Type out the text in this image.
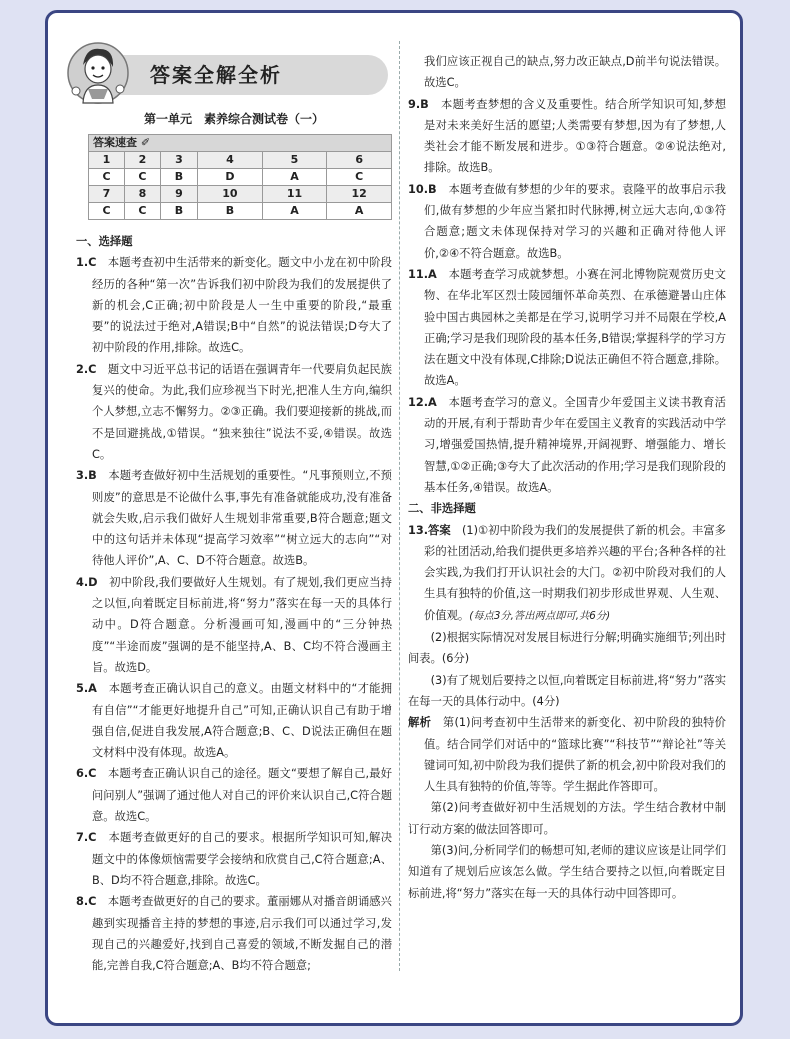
答案全解全析
第一单元　素养综合测试卷（一）
答案速查 ✐					
1	2	3	4	5	6
C	C	B	D	A	C
7	8	9	10	11	12
C	C	B	B	A	A

一、选择题

1.C　 本题考查初中生活带来的新变化。题文中小龙在初中阶段经历的各种“第一次”告诉我们初中阶段为我们的发展提供了新的机会,C正确;初中阶段是人一生中重要的阶段,“最重要”的说法过于绝对,A错误;B中“自然”的说法错误;D夸大了初中阶段的作用,排除。故选C。

2.C　 题文中习近平总书记的话语在强调青年一代要肩负起民族复兴的使命。为此,我们应珍视当下时光,把准人生方向,编织个人梦想,立志不懈努力。②③正确。我们要迎接新的挑战,而不是回避挑战,①错误。“独来独往”说法不妥,④错误。故选C。

3.B　 本题考查做好初中生活规划的重要性。“凡事预则立,不预则废”的意思是不论做什么事,事先有准备就能成功,没有准备就会失败,启示我们做好人生规划非常重要,B符合题意;题文中的这句话并未体现“提高学习效率”“树立远大的志向”“对待他人评价”,A、C、D不符合题意。故选B。

4.D　 初中阶段,我们要做好人生规划。有了规划,我们更应当持之以恒,向着既定目标前进,将“努力”落实在每一天的具体行动中。D符合题意。分析漫画可知,漫画中的“三分钟热度”“半途而废”强调的是不能坚持,A、B、C均不符合漫画主旨。故选D。

5.A　 本题考查正确认识自己的意义。由题文材料中的“才能拥有自信”“才能更好地提升自己”可知,正确认识自己有助于增强自信,促进自我发展,A符合题意;B、C、D说法正确但在题文材料中没有体现。故选A。

6.C　 本题考查正确认识自己的途径。题文“要想了解自己,最好问问别人”强调了通过他人对自己的评价来认识自己,C符合题意。故选C。

7.C　 本题考查做更好的自己的要求。根据所学知识可知,解决题文中的体像烦恼需要学会接纳和欣赏自己,C符合题意;A、B、D均不符合题意,排除。故选C。

8.C　 本题考查做更好的自己的要求。董丽娜从对播音朗诵感兴趣到实现播音主持的梦想的事迹,启示我们可以通过学习,发现自己的兴趣爱好,找到自己喜爱的领域,不断发掘自己的潜能,完善自我,C符合题意;A、B均不符合题意;

我们应该正视自己的缺点,努力改正缺点,D前半句说法错误。故选C。

9.B　 本题考查梦想的含义及重要性。结合所学知识可知,梦想是对未来美好生活的愿望;人类需要有梦想,因为有了梦想,人类社会才能不断发展和进步。①③符合题意。②④说法绝对,排除。故选B。

10.B　 本题考查做有梦想的少年的要求。袁隆平的故事启示我们,做有梦想的少年应当紧扣时代脉搏,树立远大志向,①③符合题意;题文未体现保持对学习的兴趣和正确对待他人评价,②④不符合题意。故选B。

11.A　 本题考查学习成就梦想。小赛在河北博物院观赏历史文物、在华北军区烈士陵园缅怀革命英烈、在承德避暑山庄体验中国古典园林之美都是在学习,说明学习并不局限在学校,A正确;学习是我们现阶段的基本任务,B错误;掌握科学的学习方法在题文中没有体现,C排除;D说法正确但不符合题意,排除。故选A。

12.A　 本题考查学习的意义。全国青少年爱国主义读书教育活动的开展,有利于帮助青少年在爱国主义教育的实践活动中学习,增强爱国热情,提升精神境界,开阔视野、增强能力、增长智慧,①②正确;③夸大了此次活动的作用;学习是我们现阶段的基本任务,④错误。故选A。

二、非选择题

13.答案　 (1)①初中阶段为我们的发展提供了新的机会。丰富多彩的社团活动,给我们提供更多培养兴趣的平台;各种各样的社会实践,为我们打开认识社会的大门。②初中阶段对我们的人生具有独特的价值,这一时期我们初步形成世界观、人生观、价值观。(每点3分,答出两点即可,共6分)

(2)根据实际情况对发展目标进行分解;明确实施细节;列出时间表。(6分)

(3)有了规划后要持之以恒,向着既定目标前进,将“努力”落实在每一天的具体行动中。(4分)

解析　 第(1)问考查初中生活带来的新变化、初中阶段的独特价值。结合同学们对话中的“篮球比赛”“科技节”“辩论社”等关键词可知,初中阶段为我们提供了新的机会,初中阶段对我们的人生具有独特的价值,等等。学生据此作答即可。

第(2)问考查做好初中生活规划的方法。学生结合教材中制订行动方案的做法回答即可。

第(3)问,分析同学们的畅想可知,老师的建议应该是让同学们知道有了规划后应该怎么做。学生结合要持之以恒,向着既定目标前进,将“努力”落实在每一天的具体行动中回答即可。
